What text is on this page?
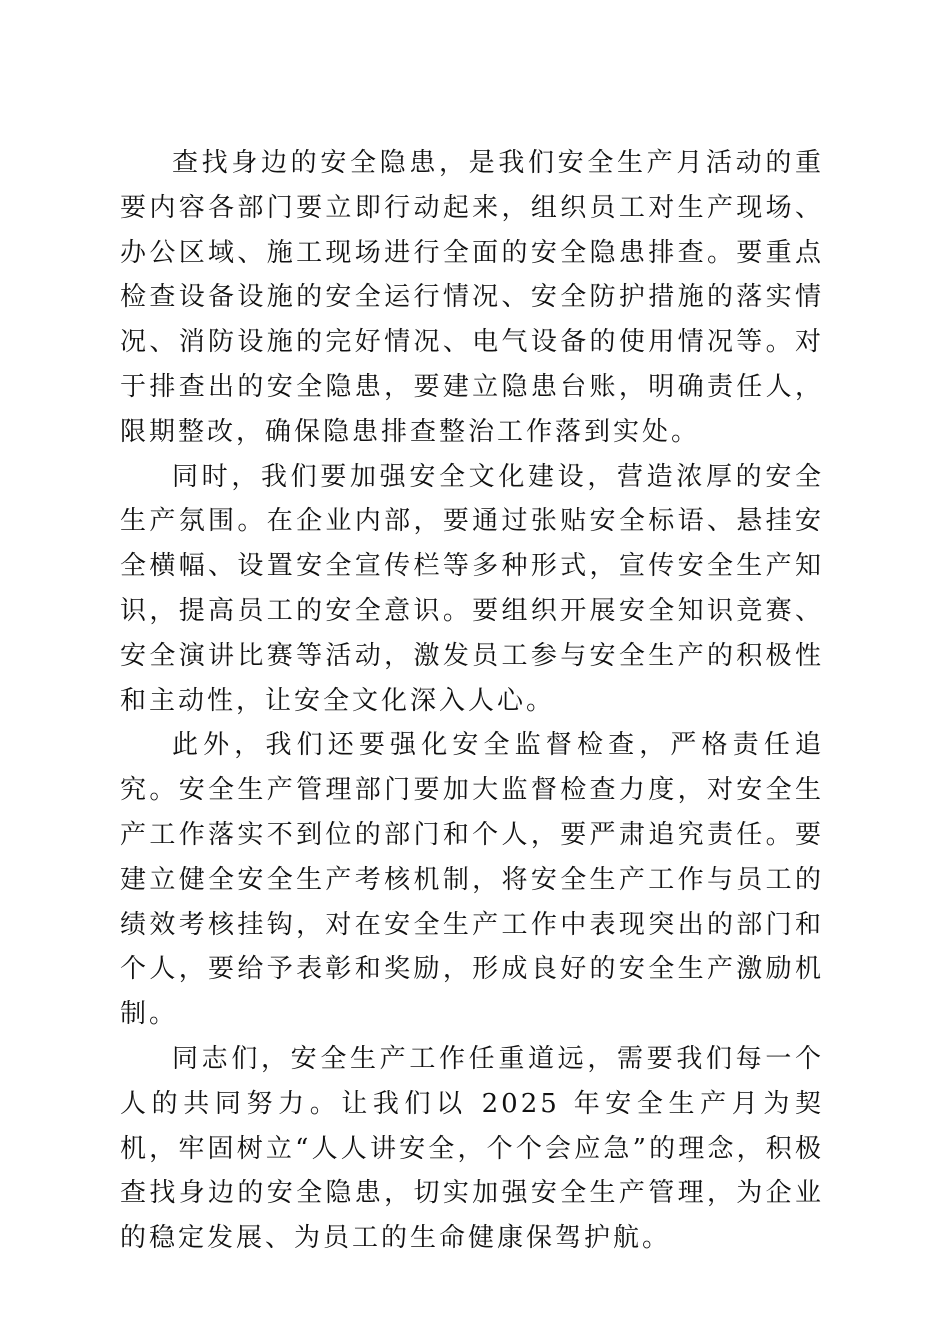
查找身边的安全隐患，是我们安全生产月活动的重要内容各部门要立即行动起来，组织员工对生产现场、办公区域、施工现场进行全面的安全隐患排查。要重点检查设备设施的安全运行情况、安全防护措施的落实情况、消防设施的完好情况、电气设备的使用情况等。对于排查出的安全隐患，要建立隐患台账，明确责任人，限期整改，确保隐患排查整治工作落到实处。

同时，我们要加强安全文化建设，营造浓厚的安全生产氛围。在企业内部，要通过张贴安全标语、悬挂安全横幅、设置安全宣传栏等多种形式，宣传安全生产知识，提高员工的安全意识。要组织开展安全知识竞赛、安全演讲比赛等活动，激发员工参与安全生产的积极性和主动性，让安全文化深入人心。

此外，我们还要强化安全监督检查，严格责任追究。安全生产管理部门要加大监督检查力度，对安全生产工作落实不到位的部门和个人，要严肃追究责任。要建立健全安全生产考核机制，将安全生产工作与员工的绩效考核挂钩，对在安全生产工作中表现突出的部门和个人，要给予表彰和奖励，形成良好的安全生产激励机制。

同志们，安全生产工作任重道远，需要我们每一个人的共同努力。让我们以 2025 年安全生产月为契机，牢固树立“人人讲安全，个个会应急”的理念，积极查找身边的安全隐患，切实加强安全生产管理，为企业的稳定发展、为员工的生命健康保驾护航。
